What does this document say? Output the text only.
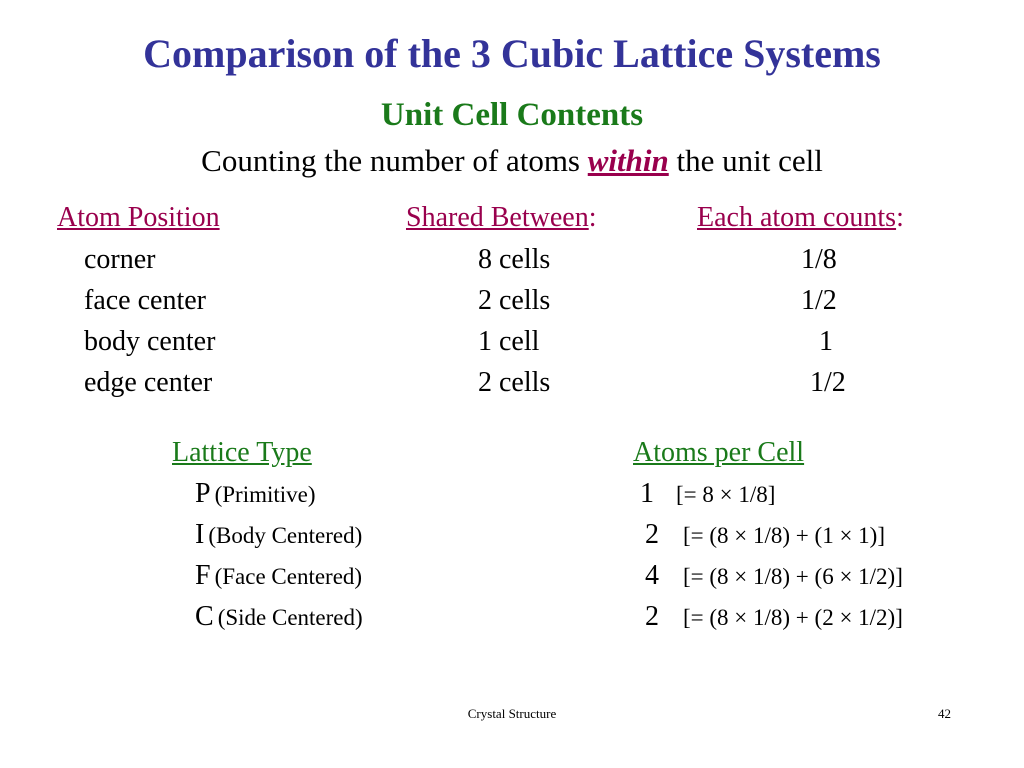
Comparison of the 3 Cubic Lattice Systems
Unit Cell Contents
Counting the number of atoms within the unit cell
Atom Position	Shared Between:	Each atom counts:
corner	8 cells	1/8
face center	2 cells	1/2
body center	1 cell	1
edge center	2 cells	1/2
Lattice Type	Atoms per Cell
P (Primitive)	1 [= 8 × 1/8]
I (Body Centered)	2 [= (8 × 1/8) + (1 × 1)]
F (Face Centered)	4 [= (8 × 1/8) + (6 × 1/2)]
C (Side Centered)	2 [= (8 × 1/8) + (2 × 1/2)]
Crystal Structure	42
